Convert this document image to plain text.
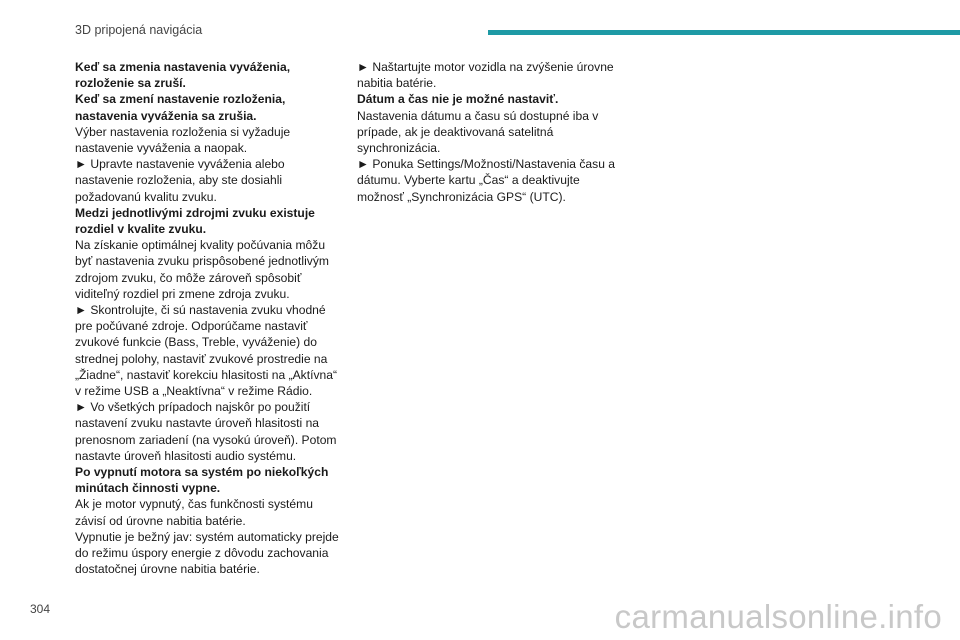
3D pripojená navigácia

Keď sa zmenia nastavenia vyváženia, rozloženie sa zruší.

Keď sa zmení nastavenie rozloženia, nastavenia vyváženia sa zrušia.

Výber nastavenia rozloženia si vyžaduje nastavenie vyváženia a naopak.

► Upravte nastavenie vyváženia alebo nastavenie rozloženia, aby ste dosiahli požadovanú kvalitu zvuku.

Medzi jednotlivými zdrojmi zvuku existuje rozdiel v kvalite zvuku.

Na získanie optimálnej kvality počúvania môžu byť nastavenia zvuku prispôsobené jednotlivým zdrojom zvuku, čo môže zároveň spôsobiť viditeľný rozdiel pri zmene zdroja zvuku.

► Skontrolujte, či sú nastavenia zvuku vhodné pre počúvané zdroje. Odporúčame nastaviť zvukové funkcie (Bass, Treble, vyváženie) do strednej polohy, nastaviť zvukové prostredie na „Žiadne“, nastaviť korekciu hlasitosti na „Aktívna“ v režime USB a „Neaktívna“ v režime Rádio.

► Vo všetkých prípadoch najskôr po použití nastavení zvuku nastavte úroveň hlasitosti na prenosnom zariadení (na vysokú úroveň). Potom nastavte úroveň hlasitosti audio systému.

Po vypnutí motora sa systém po niekoľkých minútach činnosti vypne.

Ak je motor vypnutý, čas funkčnosti systému závisí od úrovne nabitia batérie.

Vypnutie je bežný jav: systém automaticky prejde do režimu úspory energie z dôvodu zachovania dostatočnej úrovne nabitia batérie.

► Naštartujte motor vozidla na zvýšenie úrovne nabitia batérie.

Dátum a čas nie je možné nastaviť.

Nastavenia dátumu a času sú dostupné iba v prípade, ak je deaktivovaná satelitná synchronizácia.

► Ponuka Settings/Možnosti/Nastavenia času a dátumu. Vyberte kartu „Čas“ a deaktivujte možnosť „Synchronizácia GPS“ (UTC).

304	carmanualsonline.info
